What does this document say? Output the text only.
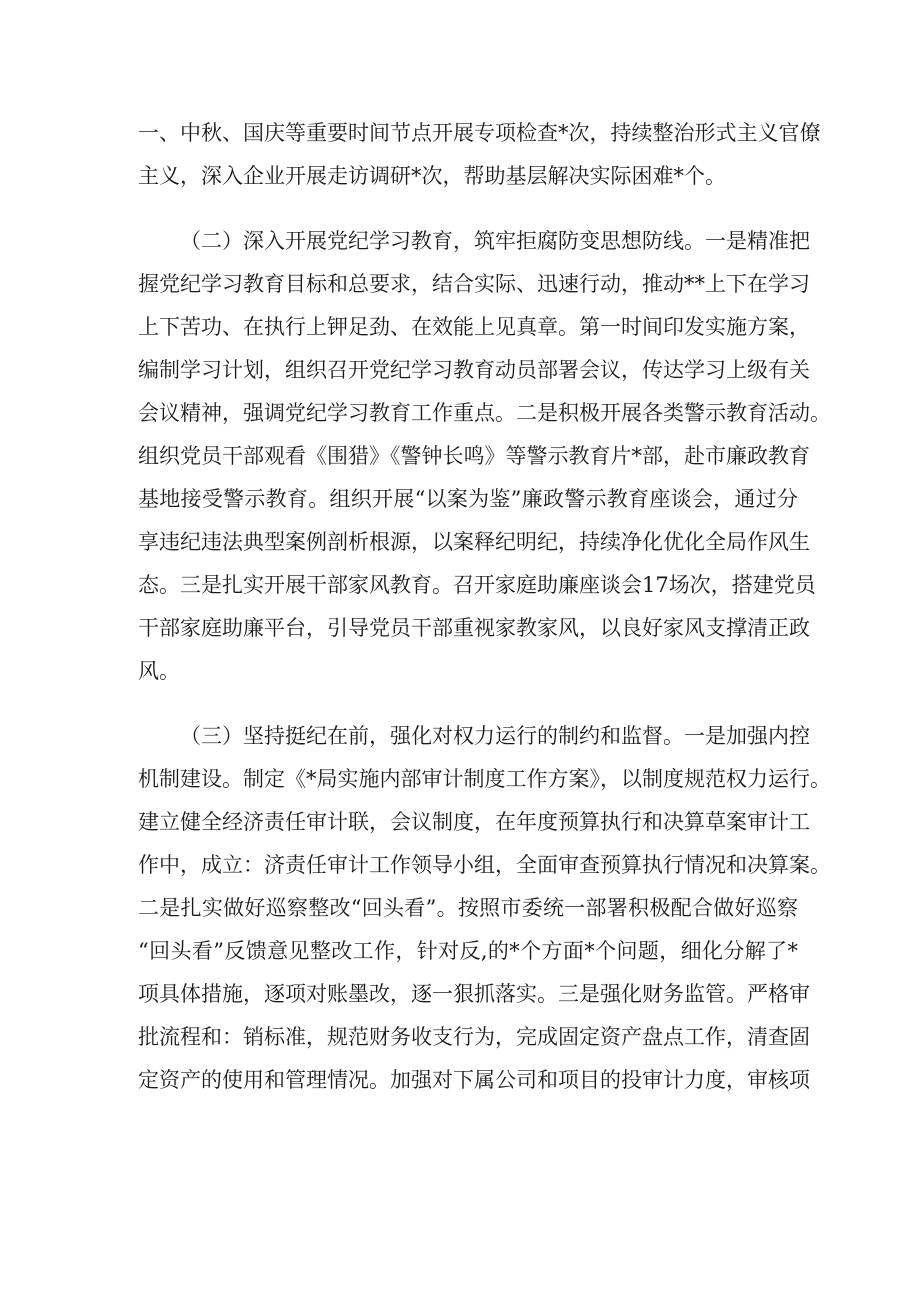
一、中秋、国庆等重要时间节点开展专项检查*次，持续整治形式主义官僚
主义，深入企业开展走访调研*次，帮助基层解决实际困难*个。
（二）深入开展党纪学习教育，筑牢拒腐防变思想防线。一是精准把
握党纪学习教育目标和总要求，结合实际、迅速行动，推动**上下在学习
上下苦功、在执行上钾足劲、在效能上见真章。第一时间印发实施方案，
编制学习计划，组织召开党纪学习教育动员部署会议，传达学习上级有关
会议精神，强调党纪学习教育工作重点。二是积极开展各类警示教育活动。
组织党员干部观看《围猎》《警钟长鸣》等警示教育片*部，赴市廉政教育
基地接受警示教育。组织开展“以案为鉴”廉政警示教育座谈会，通过分
享违纪违法典型案例剖析根源，以案释纪明纪，持续净化优化全局作风生
态。三是扎实开展干部家风教育。召开家庭助廉座谈会17场次，搭建党员
干部家庭助廉平台，引导党员干部重视家教家风，以良好家风支撑清正政
风。
（三）坚持挺纪在前，强化对权力运行的制约和监督。一是加强内控
机制建设。制定《*局实施内部审计制度工作方案》，以制度规范权力运行。
建立健全经济责任审计联，会议制度，在年度预算执行和决算草案审计工
作中，成立：济责任审计工作领导小组，全面审查预算执行情况和决算案。
二是扎实做好巡察整改“回头看”。按照市委统一部署积极配合做好巡察
“回头看”反馈意见整改工作，针对反,的*个方面*个问题，细化分解了*
项具体措施，逐项对账墨改，逐一狠抓落实。三是强化财务监管。严格审
批流程和：销标准，规范财务收支行为，完成固定资产盘点工作，清查固
定资产的使用和管理情况。加强对下属公司和项目的投审计力度，审核项
